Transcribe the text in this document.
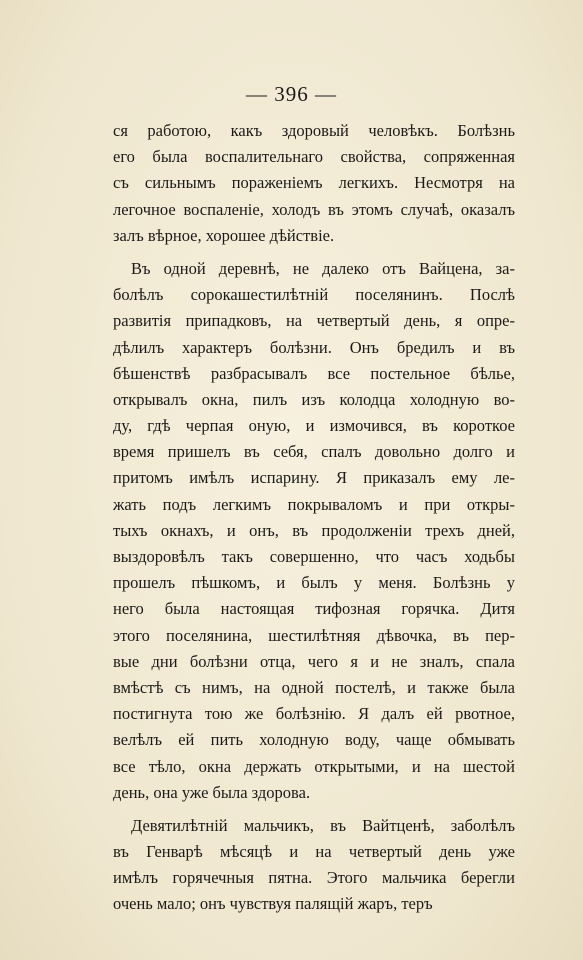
— 396 —
ся работою, какъ здоровый человѣкъ. Болѣзнь
его была воспалительнаго свойства, сопряженная
съ сильнымъ пораженіемъ легкихъ. Несмотря на
легочное воспаленіе, холодъ въ этомъ случаѣ, оказалъ
залъ вѣрное, хорошее дѣйствіе.
Въ одной деревнѣ, не далеко отъ Вайцена, за-
болѣлъ сорокашестилѣтній поселянинъ. Послѣ
развитія припадковъ, на четвертый день, я опре-
дѣлилъ характеръ болѣзни. Онъ бредилъ и въ
бѣшенствѣ разбрасывалъ все постельное бѣлье,
открывалъ окна, пилъ изъ колодца холодную во-
ду, гдѣ черпая оную, и измочився, въ короткое
время пришелъ въ себя, спалъ довольно долго и
притомъ имѣлъ испарину. Я приказалъ ему ле-
жать подъ легкимъ покрываломъ и при откры-
тыхъ окнахъ, и онъ, въ продолженіи трехъ дней,
выздоровѣлъ такъ совершенно, что часъ ходьбы
прошелъ пѣшкомъ, и былъ у меня. Болѣзнь у
него была настоящая тифозная горячка. Дитя
этого поселянина, шестилѣтняя дѣвочка, въ пер-
вые дни болѣзни отца, чего я и не зналъ, спала
вмѣстѣ съ нимъ, на одной постелѣ, и также была
постигнута тою же болѣзнію. Я далъ ей рвотное,
велѣлъ ей пить холодную воду, чаще обмывать
все тѣло, окна держать открытыми, и на шестой
день, она уже была здорова.
Девятилѣтній мальчикъ, въ Вайтценѣ, заболѣлъ
въ Генварѣ мѣсяцѣ и на четвертый день уже
имѣлъ горячечныя пятна. Этого мальчика берегли
очень мало; онъ чувствуя палящій жаръ, теръ
